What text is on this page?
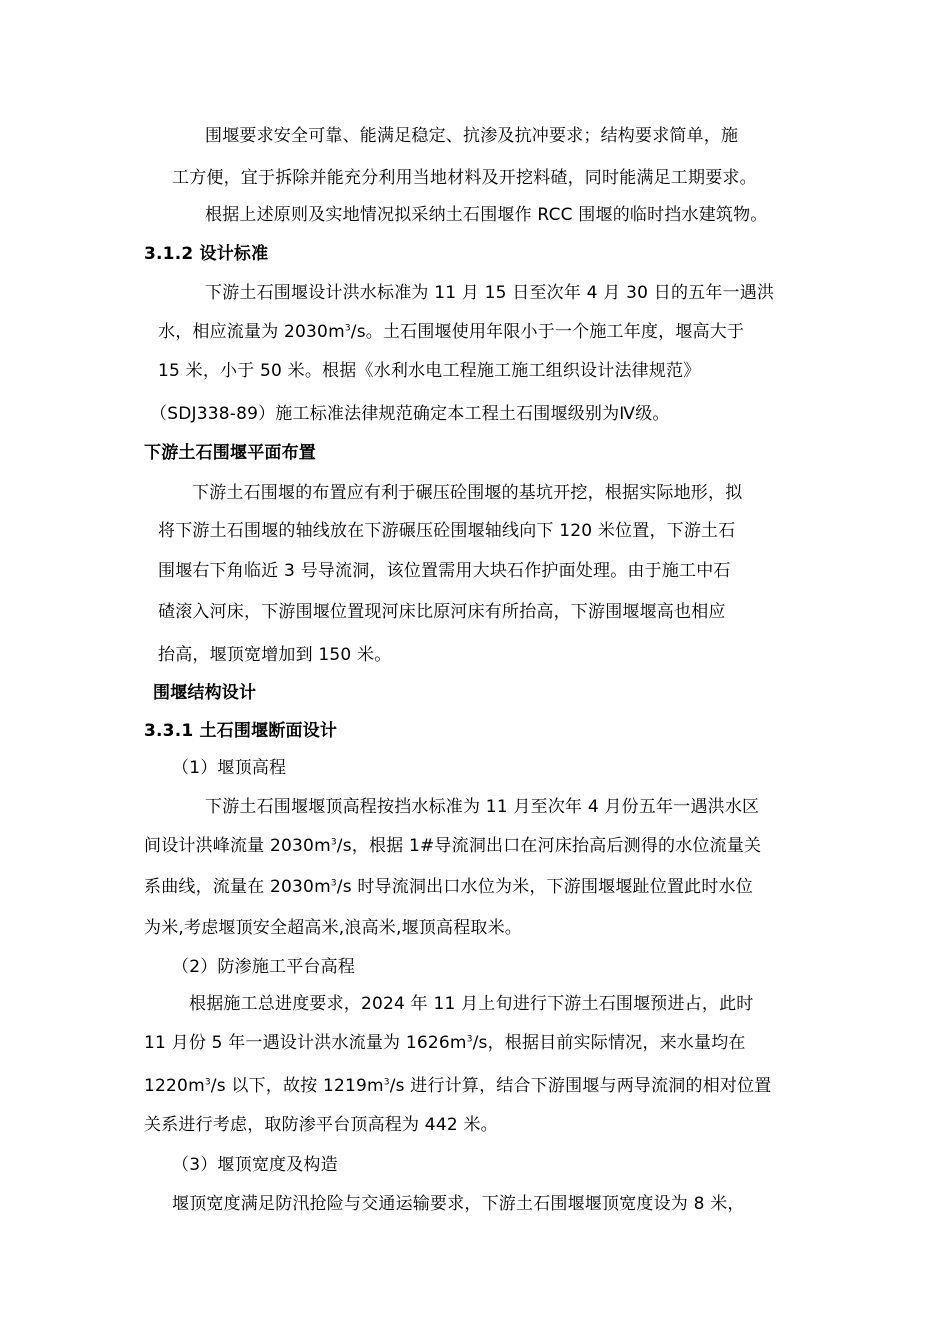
围堰要求安全可靠、能满足稳定、抗渗及抗冲要求；结构要求简单，施
工方便，宜于拆除并能充分利用当地材料及开挖料碴，同时能满足工期要求。
根据上述原则及实地情况拟采纳土石围堰作 RCC 围堰的临时挡水建筑物。
3.1.2 设计标准
下游土石围堰设计洪水标准为 11 月 15 日至次年 4 月 30 日的五年一遇洪
水，相应流量为 $2030m^3/s$。土石围堰使用年限小于一个施工年度，堰高大于
15 米，小于 50 米。根据《水利水电工程施工施工组织设计法律规范》
（SDJ338-89）施工标准法律规范确定本工程土石围堰级别为Ⅳ级。
下游土石围堰平面布置
下游土石围堰的布置应有利于碾压砼围堰的基坑开挖，根据实际地形，拟
将下游土石围堰的轴线放在下游碾压砼围堰轴线向下 120 米位置，下游土石
围堰右下角临近 3 号导流洞，该位置需用大块石作护面处理。由于施工中石
碴滚入河床，下游围堰位置现河床比原河床有所抬高，下游围堰堰高也相应
抬高，堰顶宽增加到 150 米。
围堰结构设计
3.3.1 土石围堰断面设计
（1）堰顶高程
下游土石围堰堰顶高程按挡水标准为 11 月至次年 4 月份五年一遇洪水区
间设计洪峰流量 $2030m^3/s$，根据 1#导流洞出口在河床抬高后测得的水位流量关
系曲线，流量在 $2030m^3/s$ 时导流洞出口水位为米，下游围堰堰趾位置此时水位
为米,考虑堰顶安全超高米,浪高米,堰顶高程取米。
（2）防渗施工平台高程
根据施工总进度要求，2024 年 11 月上旬进行下游土石围堰预进占，此时
11 月份 5 年一遇设计洪水流量为 $1626m^3/s$，根据目前实际情况，来水量均在
$1220m^3/s$ 以下，故按 $1219m^3/s$ 进行计算，结合下游围堰与两导流洞的相对位置
关系进行考虑，取防渗平台顶高程为 442 米。
（3）堰顶宽度及构造
堰顶宽度满足防汛抢险与交通运输要求，下游土石围堰堰顶宽度设为 8 米，
